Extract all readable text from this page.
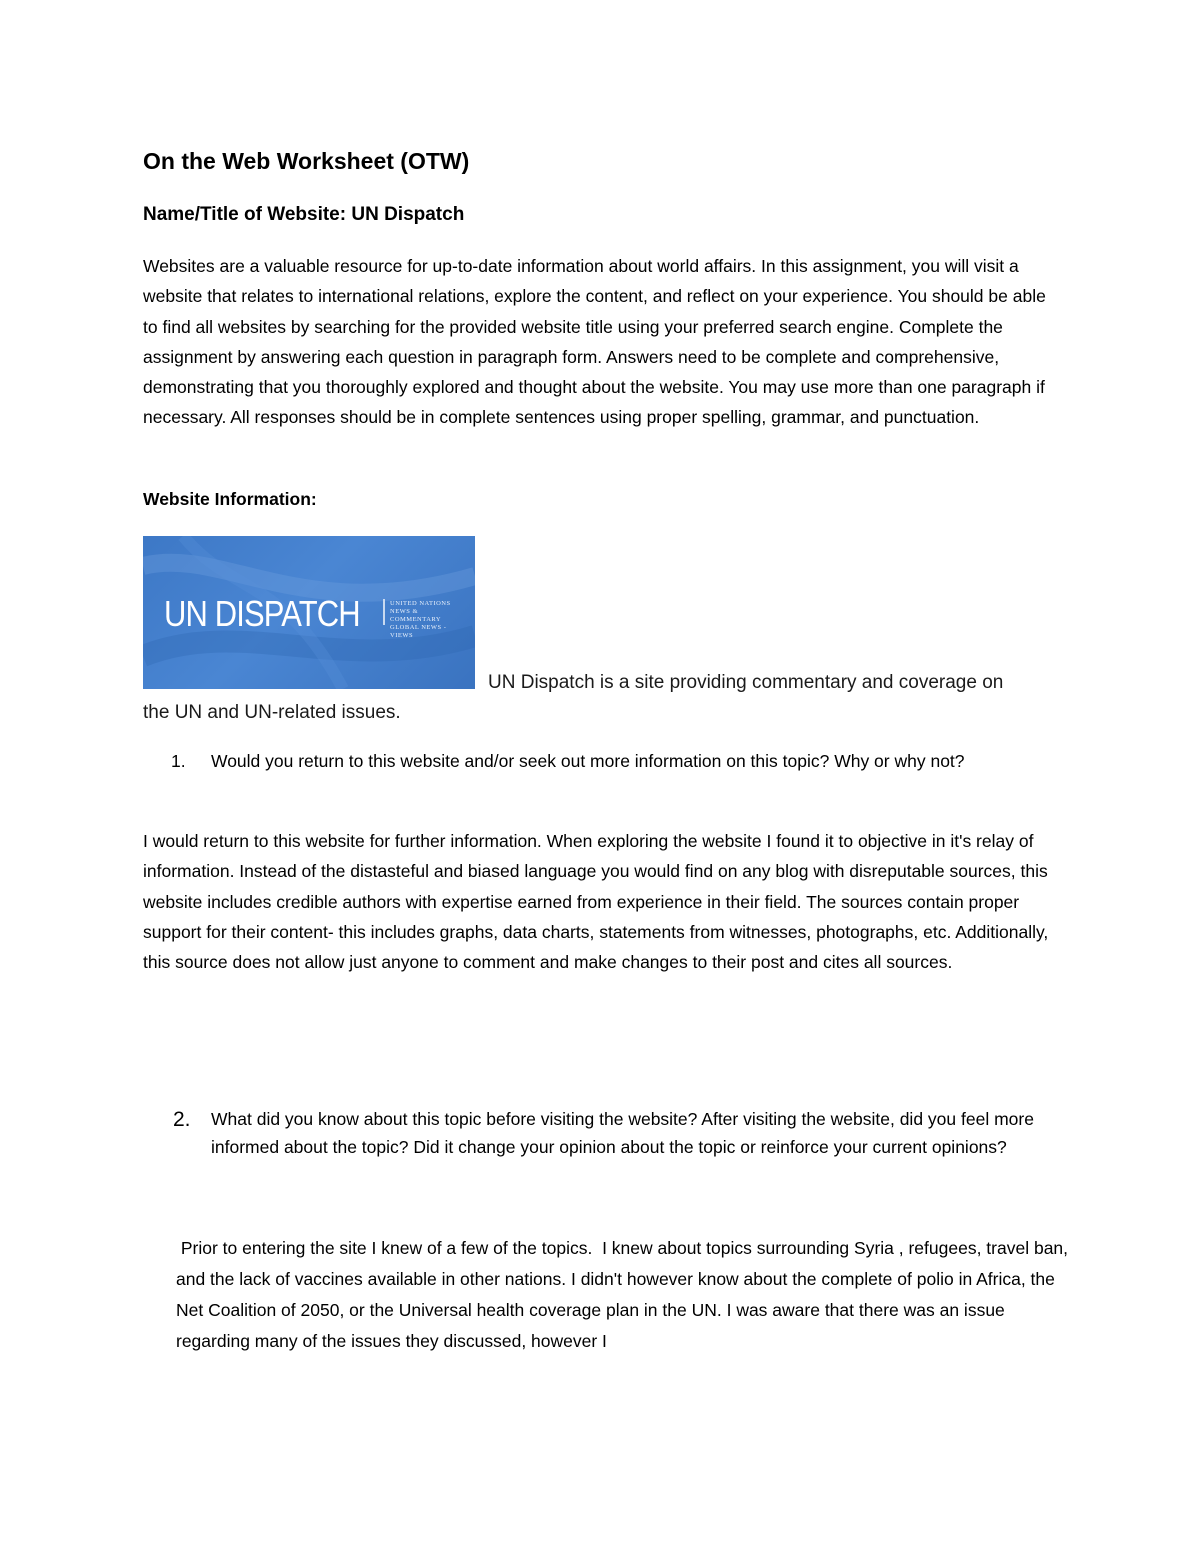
On the Web Worksheet (OTW)
Name/Title of Website: UN Dispatch

Websites are a valuable resource for up-to-date information about world affairs. In this assignment, you will visit a website that relates to international relations, explore the content, and reflect on your experience. You should be able to find all websites by searching for the provided website title using your preferred search engine. Complete the assignment by answering each question in paragraph form. Answers need to be complete and comprehensive, demonstrating that you thoroughly explored and thought about the website. You may use more than one paragraph if necessary. All responses should be in complete sentences using proper spelling, grammar, and punctuation.

Website Information:
UN DISPATCH	UNITED NATIONS NEWS & COMMENTARY GLOBAL NEWS - VIEWS
UN Dispatch is a site providing commentary and coverage on
the UN and UN-related issues.
1. Would you return to this website and/or seek out more information on this topic? Why or why not?

I would return to this website for further information. When exploring the website I found it to objective in it's relay of information. Instead of the distasteful and biased language you would find on any blog with disreputable sources, this website includes credible authors with expertise earned from experience in their field. The sources contain proper support for their content- this includes graphs, data charts, statements from witnesses, photographs, etc. Additionally, this source does not allow just anyone to comment and make changes to their post and cites all sources.

2. What did you know about this topic before visiting the website? After visiting the website, did you feel more informed about the topic? Did it change your opinion about the topic or reinforce your current opinions?

Prior to entering the site I knew of a few of the topics.  I knew about topics surrounding Syria , refugees, travel ban, and the lack of vaccines available in other nations. I didn't however know about the complete of polio in Africa, the Net Coalition of 2050, or the Universal health coverage plan in the UN. I was aware that there was an issue regarding many of the issues they discussed, however I
